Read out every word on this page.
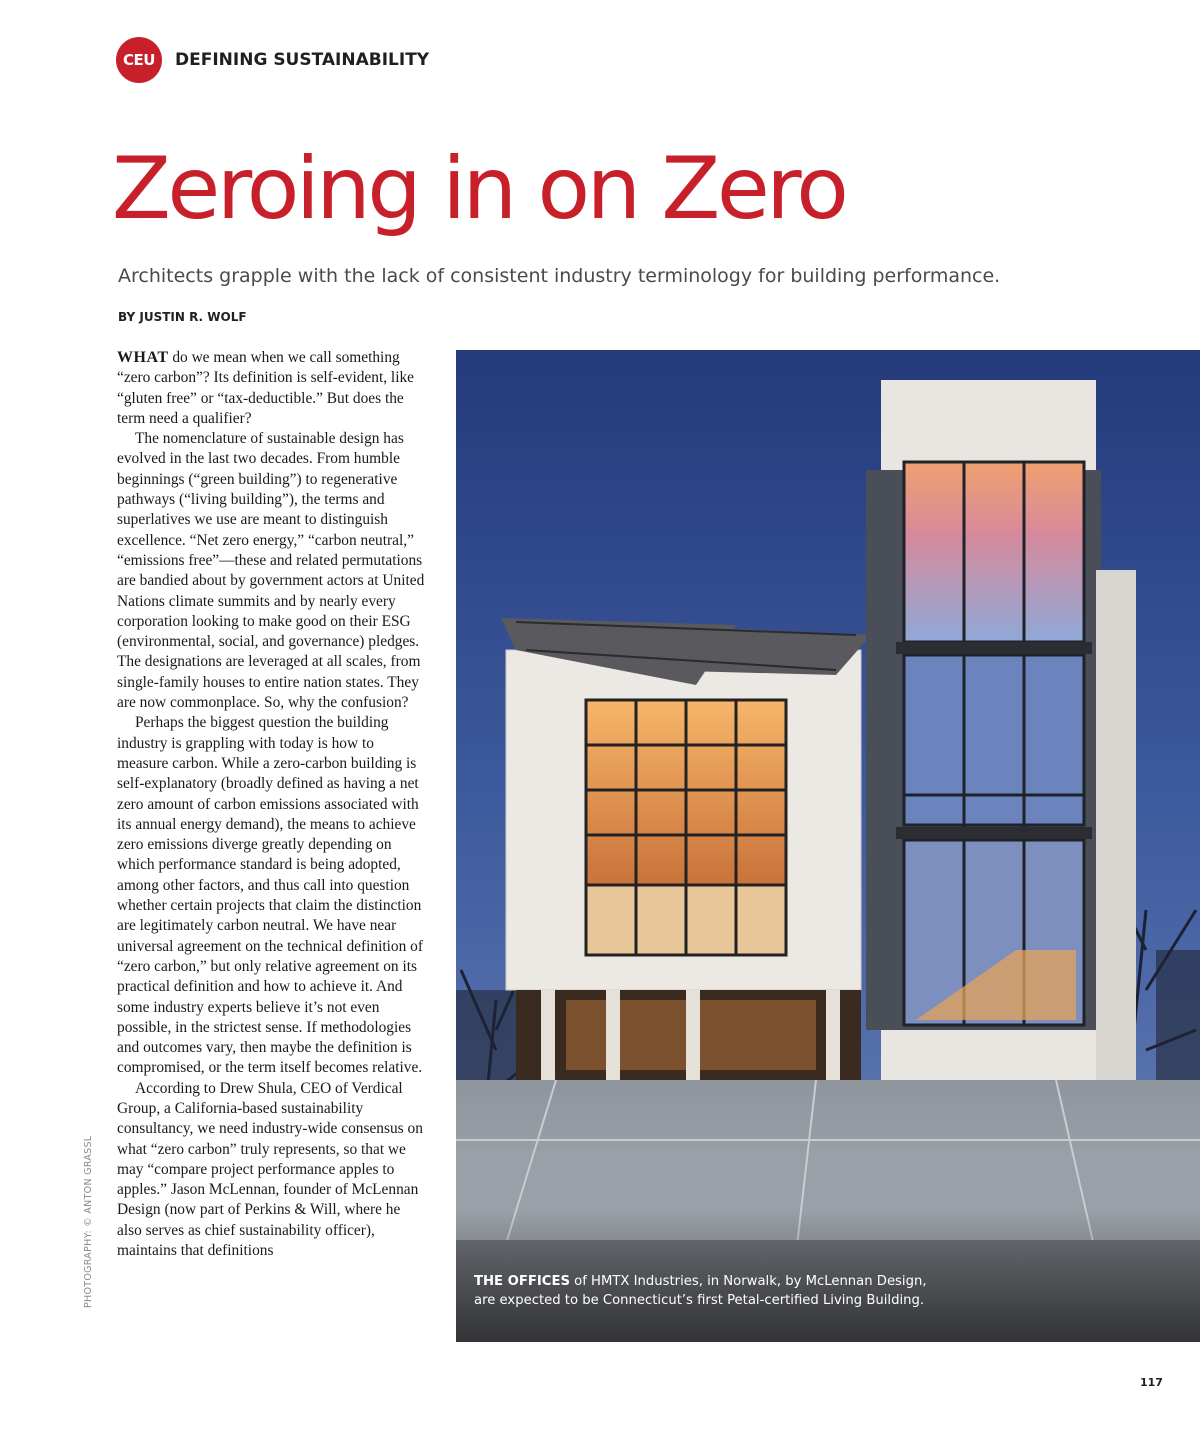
CEU	DEFINING SUSTAINABILITY
Zeroing in on Zero

Architects grapple with the lack of consistent industry terminology for building performance.

BY JUSTIN R. WOLF

WHAT do we mean when we call something “zero carbon”? Its definition is self-evident, like “gluten free” or “tax-deductible.” But does the term need a qualifier?

The nomenclature of sustainable design has evolved in the last two decades. From humble beginnings (“green building”) to regenerative pathways (“living building”), the terms and superlatives we use are meant to distinguish excellence. “Net zero energy,” “carbon neutral,” “emissions free”—these and related permutations are bandied about by government actors at United Nations climate summits and by nearly every corporation looking to make good on their ESG (environmental, social, and governance) pledges. The designations are leveraged at all scales, from single-family houses to entire nation states. They are now commonplace. So, why the confusion?

Perhaps the biggest question the building industry is grappling with today is how to measure carbon. While a zero-carbon building is self-explanatory (broadly defined as having a net zero amount of carbon emissions associated with its annual energy demand), the means to achieve zero emissions diverge greatly depending on which performance standard is being adopted, among other factors, and thus call into question whether certain projects that claim the distinction are legitimately carbon neutral. We have near universal agreement on the technical definition of “zero carbon,” but only relative agreement on its practical definition and how to achieve it. And some industry experts believe it’s not even possible, in the strictest sense. If methodologies and outcomes vary, then maybe the definition is compromised, or the term itself becomes relative.

According to Drew Shula, CEO of Verdical Group, a California-based sustainability consultancy, we need industry-wide consensus on what “zero carbon” truly represents, so that we may “compare project performance apples to apples.” Jason McLennan, founder of McLennan Design (now part of Perkins & Will, where he also serves as chief sustainability officer), maintains that definitions

PHOTOGRAPHY: © ANTON GRASSL	THE OFFICES of HMTX Industries, in Norwalk, by McLennan Design, are expected to be Connecticut’s first Petal-certified Living Building.
117
